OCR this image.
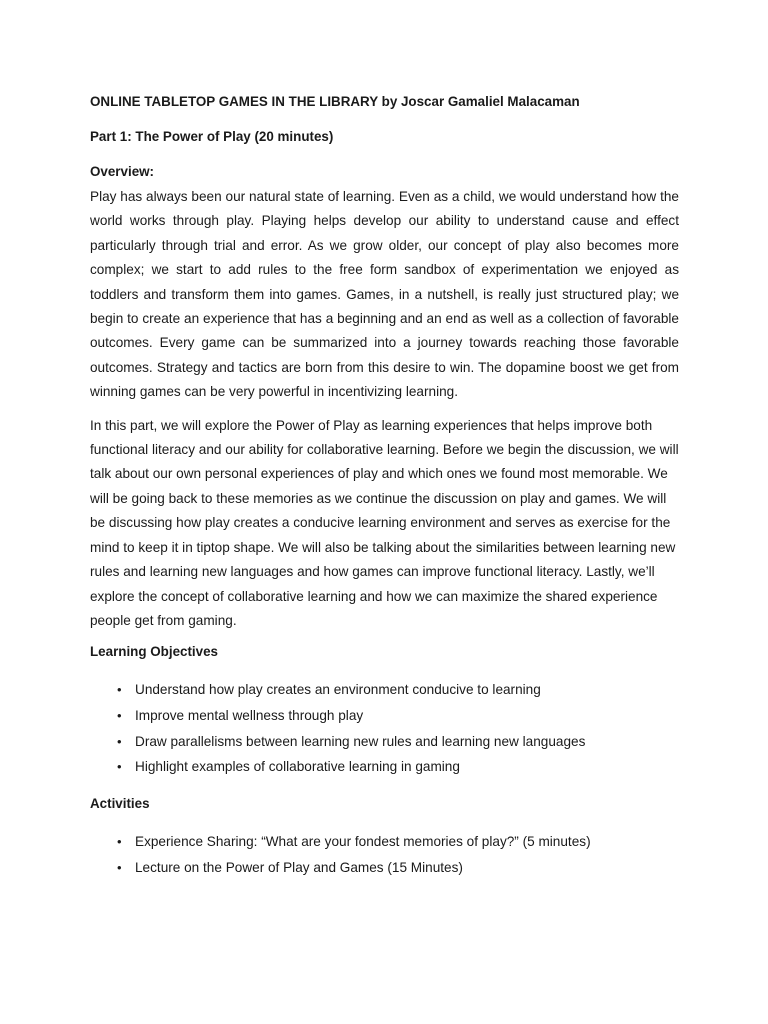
ONLINE TABLETOP GAMES IN THE LIBRARY by Joscar Gamaliel Malacaman
Part 1: The Power of Play (20 minutes)
Overview:

Play has always been our natural state of learning. Even as a child, we would understand how the world works through play. Playing helps develop our ability to understand cause and effect particularly through trial and error. As we grow older, our concept of play also becomes more complex; we start to add rules to the free form sandbox of experimentation we enjoyed as toddlers and transform them into games. Games, in a nutshell, is really just structured play; we begin to create an experience that has a beginning and an end as well as a collection of favorable outcomes. Every game can be summarized into a journey towards reaching those favorable outcomes. Strategy and tactics are born from this desire to win. The dopamine boost we get from winning games can be very powerful in incentivizing learning.

In this part, we will explore the Power of Play as learning experiences that helps improve both functional literacy and our ability for collaborative learning. Before we begin the discussion, we will talk about our own personal experiences of play and which ones we found most memorable. We will be going back to these memories as we continue the discussion on play and games. We will be discussing how play creates a conducive learning environment and serves as exercise for the mind to keep it in tiptop shape. We will also be talking about the similarities between learning new rules and learning new languages and how games can improve functional literacy. Lastly, we’ll explore the concept of collaborative learning and how we can maximize the shared experience people get from gaming.

Learning Objectives
• Understand how play creates an environment conducive to learning
• Improve mental wellness through play
• Draw parallelisms between learning new rules and learning new languages
• Highlight examples of collaborative learning in gaming
Activities
• Experience Sharing: “What are your fondest memories of play?” (5 minutes)
• Lecture on the Power of Play and Games (15 Minutes)
